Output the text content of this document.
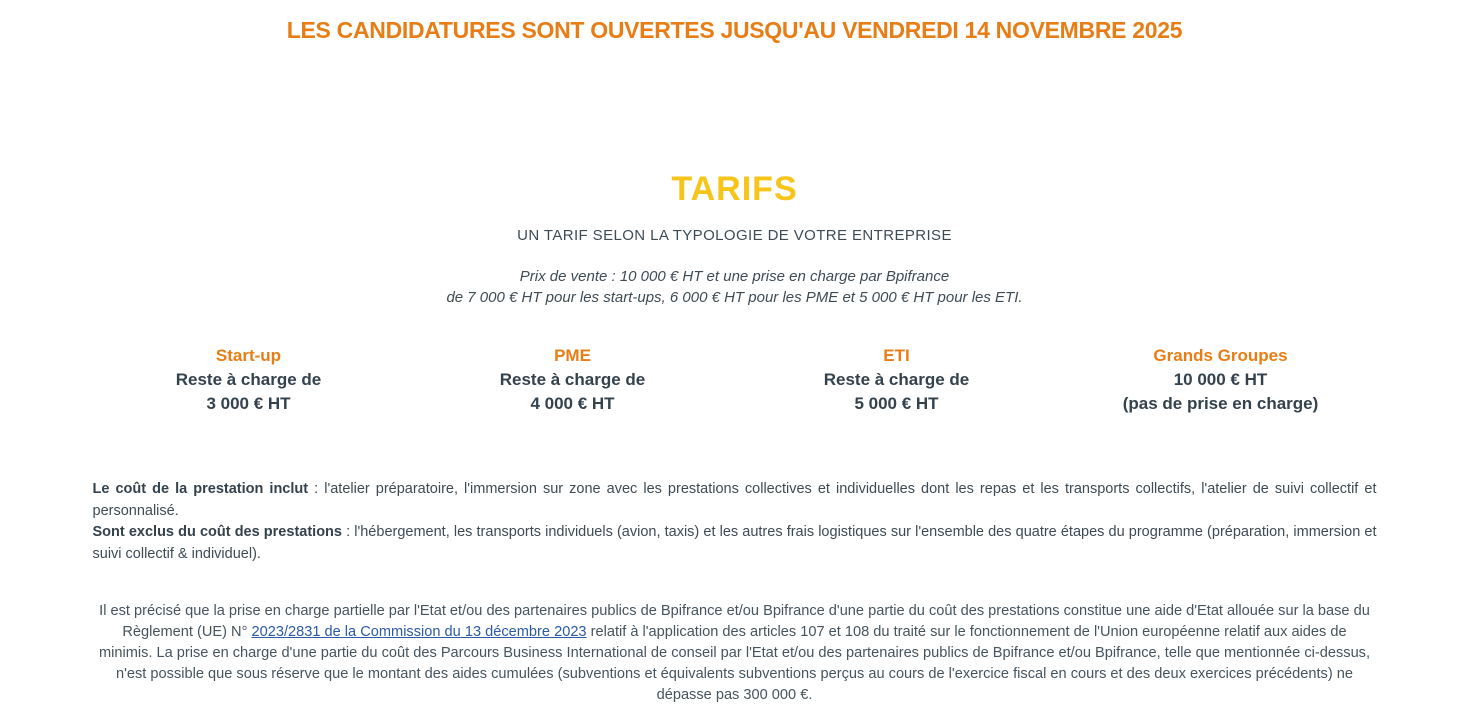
LES CANDIDATURES SONT OUVERTES JUSQU'AU VENDREDI 14 NOVEMBRE 2025
TARIFS
UN TARIF SELON LA TYPOLOGIE DE VOTRE ENTREPRISE
Prix de vente : 10 000 € HT et une prise en charge par Bpifrance
de 7 000 € HT pour les start-ups, 6 000 € HT pour les PME et 5 000 € HT pour les ETI.
Start-up
Reste à charge de
3 000 € HT
PME
Reste à charge de
4 000 € HT
ETI
Reste à charge de
5 000 € HT
Grands Groupes
10 000 € HT
(pas de prise en charge)
Le coût de la prestation inclut : l'atelier préparatoire, l'immersion sur zone avec les prestations collectives et individuelles dont les repas et les transports collectifs, l'atelier de suivi collectif et personnalisé.
Sont exclus du coût des prestations : l'hébergement, les transports individuels (avion, taxis) et les autres frais logistiques sur l'ensemble des quatre étapes du programme (préparation, immersion et suivi collectif & individuel).
Il est précisé que la prise en charge partielle par l'Etat et/ou des partenaires publics de Bpifrance et/ou Bpifrance d'une partie du coût des prestations constitue une aide d'Etat allouée sur la base du Règlement (UE) N° 2023/2831 de la Commission du 13 décembre 2023 relatif à l'application des articles 107 et 108 du traité sur le fonctionnement de l'Union européenne relatif aux aides de minimis. La prise en charge d'une partie du coût des Parcours Business International de conseil par l'Etat et/ou des partenaires publics de Bpifrance et/ou Bpifrance, telle que mentionnée ci-dessus, n'est possible que sous réserve que le montant des aides cumulées (subventions et équivalents subventions perçus au cours de l'exercice fiscal en cours et des deux exercices précédents) ne dépasse pas 300 000 €.
